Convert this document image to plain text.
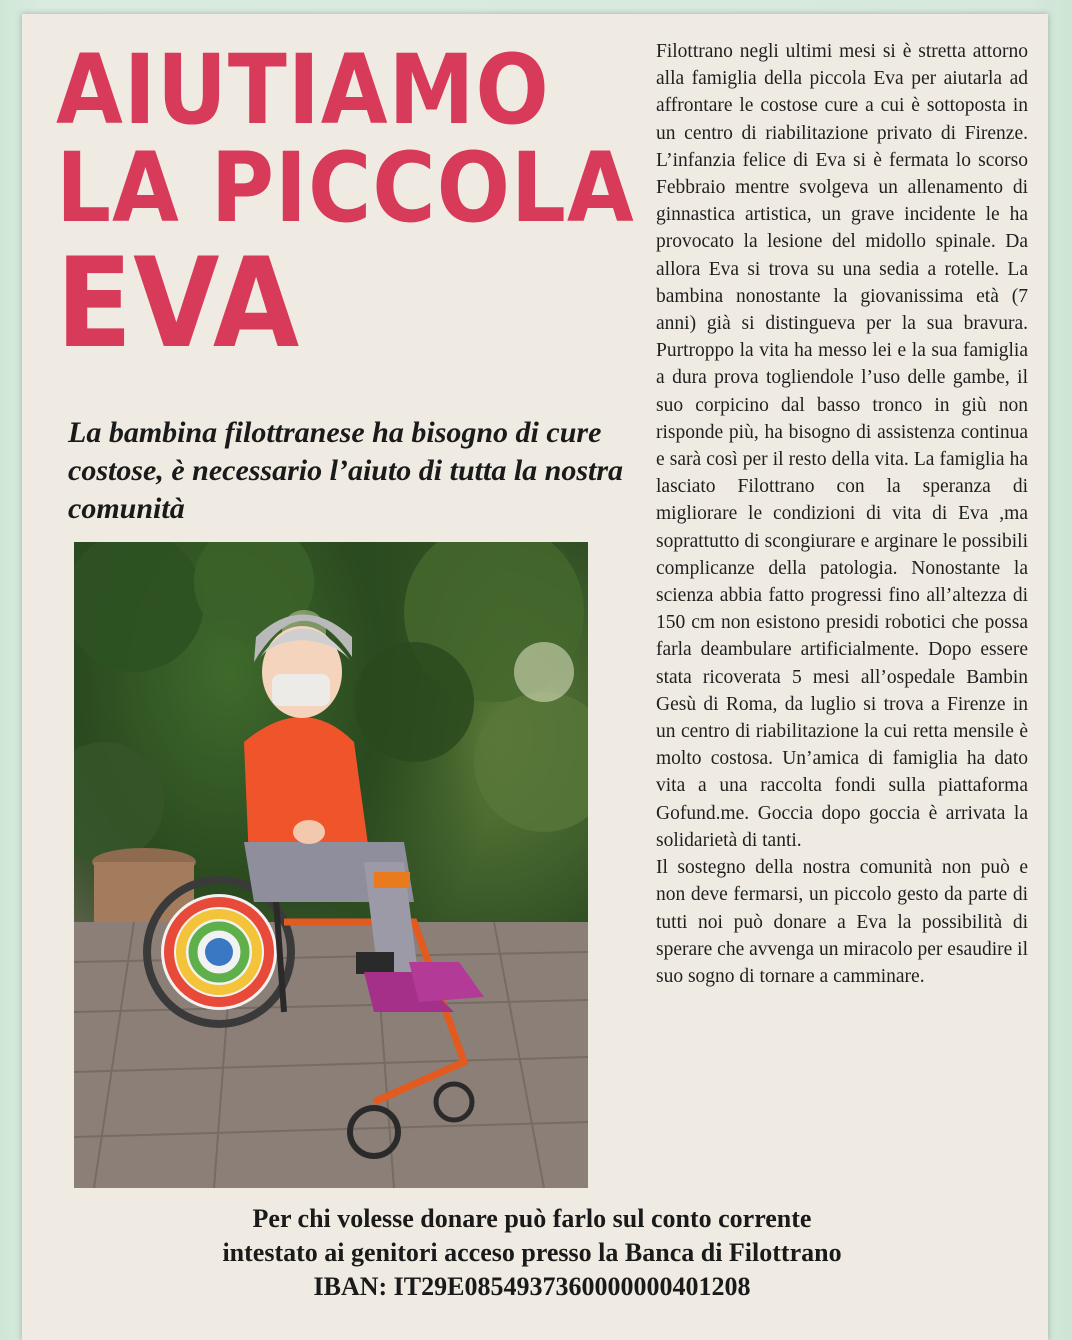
AIUTIAMO
LA PICCOLA
EVA

La bambina filottranese ha bisogno di cure costose, è necessario l’aiuto di tutta la nostra comunità

Filottrano negli ultimi mesi si è stretta attorno alla famiglia della piccola Eva per aiutarla ad affrontare le costose cure a cui è sottoposta in un centro di riabilitazione privato di Firenze. L’infanzia felice di Eva si è fermata lo scorso Febbraio mentre svolgeva un allenamento di ginnastica artistica, un grave incidente le ha provocato la lesione del midollo spinale. Da allora Eva si trova su una sedia a rotelle. La bambina nonostante la giovanissima età (7 anni) già si distingueva per la sua bravura. Purtroppo la vita ha messo lei e la sua famiglia a dura prova togliendole l’uso delle gambe, il suo corpicino dal basso tronco in giù non risponde più, ha bisogno di assistenza continua e sarà così per il resto della vita. La famiglia ha lasciato Filottrano con la speranza di migliorare le condizioni di vita di Eva ,ma soprattutto di scongiurare e arginare le possibili complicanze della patologia. Nonostante la scienza abbia fatto progressi fino all’altezza di 150 cm non esistono presidi robotici che possa farla deambulare artificialmente. Dopo essere stata ricoverata 5 mesi all’ospedale Bambin Gesù di Roma, da luglio si trova a Firenze in un centro di riabilitazione la cui retta mensile è molto costosa. Un’amica di famiglia ha dato vita a una raccolta fondi sulla piattaforma Gofund.me. Goccia dopo goccia è arrivata la solidarietà di tanti.

Il sostegno della nostra comunità non può e non deve fermarsi, un piccolo gesto da parte di tutti noi può donare a Eva la possibilità di sperare che avvenga un miracolo per esaudire il suo sogno di tornare a camminare.

Per chi volesse donare può farlo sul conto corrente
intestato ai genitori acceso presso la Banca di Filottrano
IBAN: IT29E0854937360000000401208
